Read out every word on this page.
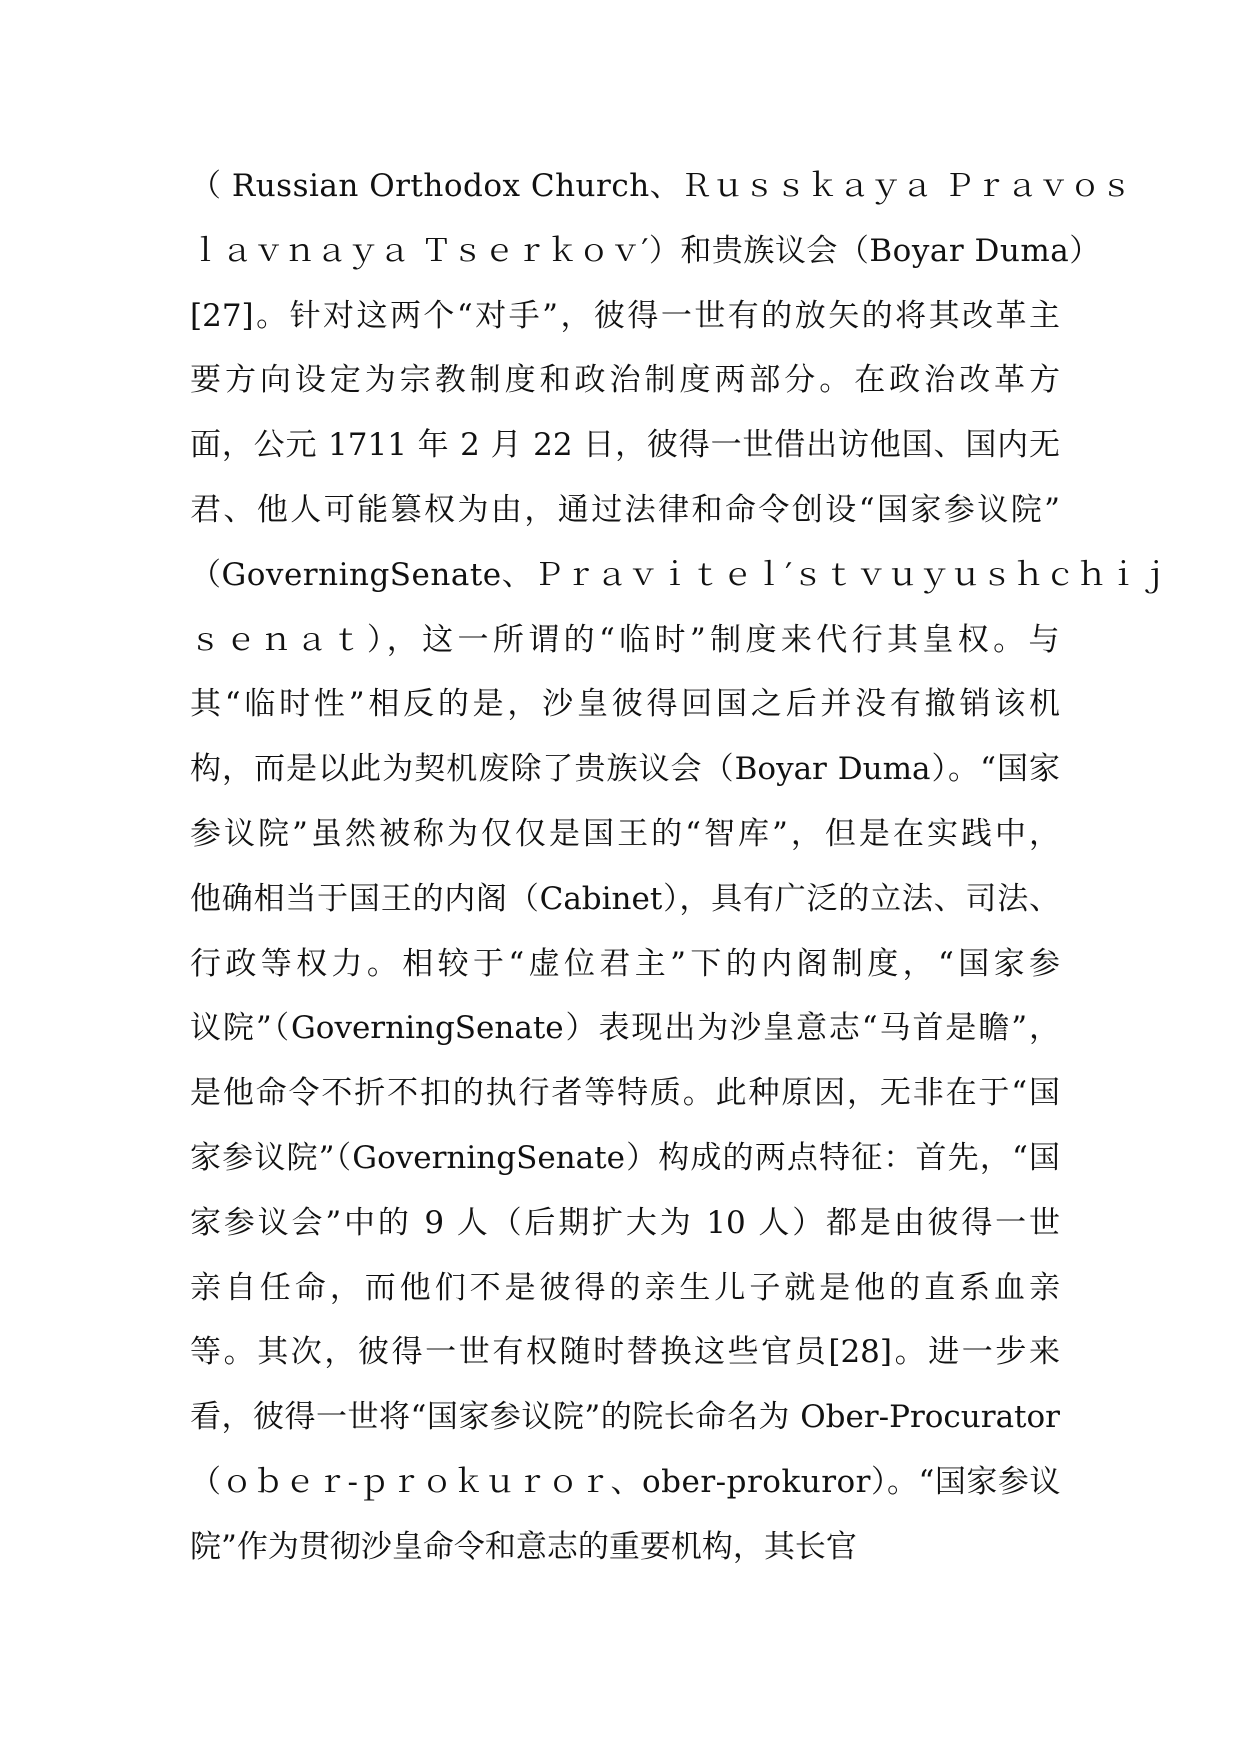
（ Russian Orthodox Church、Ｒｕｓｓｋａｙａ Ｐｒａｖｏｓ
ｌａｖｎａｙａ Ｔｓｅｒｋｏｖ′）和贵族议会（Boyar Duma）
[27]。针对这两个“对手”，彼得一世有的放矢的将其改革主
要方向设定为宗教制度和政治制度两部分。在政治改革方
面，公元 1711 年 2 月 22 日，彼得一世借出访他国、国内无
君、他人可能篡权为由，通过法律和命令创设“国家参议院”
（GoverningSenate、Ｐｒａｖｉｔｅｌ′ｓｔｖｕｙｕｓｈｃｈｉｊ
ｓｅｎａｔ），这一所谓的“临时”制度来代行其皇权。与
其“临时性”相反的是，沙皇彼得回国之后并没有撤销该机
构，而是以此为契机废除了贵族议会（Boyar Duma）。“国家
参议院”虽然被称为仅仅是国王的“智库”，但是在实践中，
他确相当于国王的内阁（Cabinet），具有广泛的立法、司法、
行政等权力。相较于“虚位君主”下的内阁制度，“国家参
议院”（GoverningSenate）表现出为沙皇意志“马首是瞻”，
是他命令不折不扣的执行者等特质。此种原因，无非在于“国
家参议院”（GoverningSenate）构成的两点特征：首先，“国
家参议会”中的 9 人（后期扩大为 10 人）都是由彼得一世
亲自任命，而他们不是彼得的亲生儿子就是他的直系血亲
等。其次，彼得一世有权随时替换这些官员[28]。进一步来
看，彼得一世将“国家参议院”的院长命名为 Ober-Procurator
（ｏｂｅｒ-ｐｒｏｋｕｒｏｒ、ober-prokuror）。“国家参议
院”作为贯彻沙皇命令和意志的重要机构，其长官
